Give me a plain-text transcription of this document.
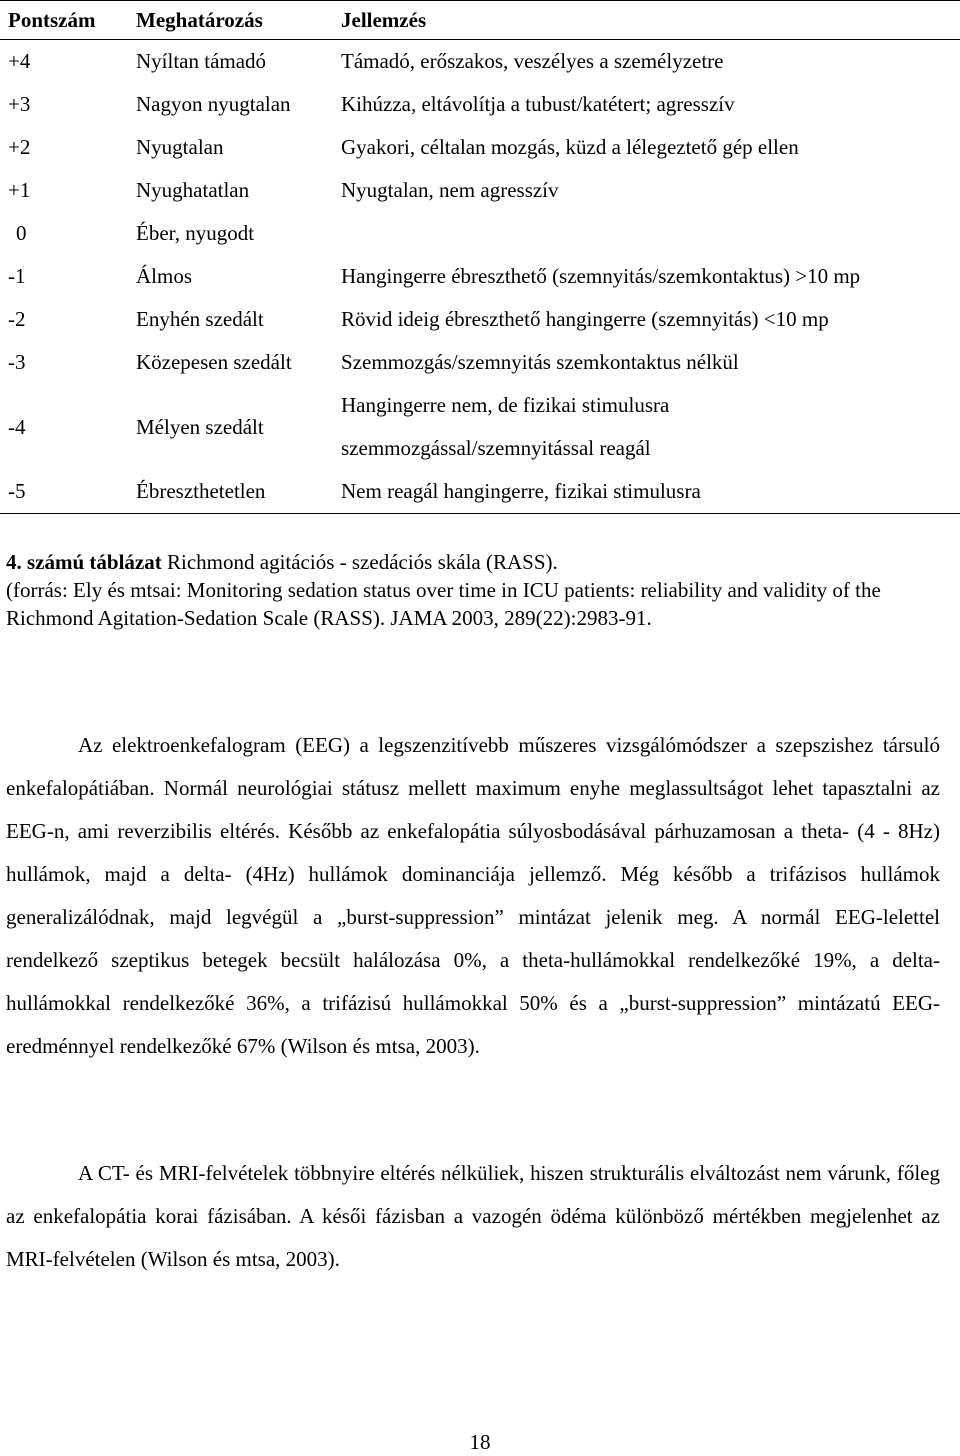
Pontszám	Meghatározás	Jellemzés
+4	Nyíltan támadó	Támadó, erőszakos, veszélyes a személyzetre
+3	Nagyon nyugtalan	Kihúzza, eltávolítja a tubust/katétert; agresszív
+2	Nyugtalan	Gyakori, céltalan mozgás, küzd a lélegeztető gép ellen
+1	Nyughatatlan	Nyugtalan, nem agresszív
0	Éber, nyugodt	
-1	Álmos	Hangingerre ébreszthető (szemnyitás/szemkontaktus) >10 mp
-2	Enyhén szedált	Rövid ideig ébreszthető hangingerre (szemnyitás) <10 mp
-3	Közepesen szedált	Szemmozgás/szemnyitás szemkontaktus nélkül
-4	Mélyen szedált	Hangingerre nem, de fizikai stimulusra
szemmozgással/szemnyitással reagál

-5	Ébreszthetetlen	Nem reagál hangingerre, fizikai stimulusra
4. számú táblázat Richmond agitációs - szedációs skála (RASS).
(forrás: Ely és mtsai: Monitoring sedation status over time in ICU patients: reliability and validity of the Richmond Agitation-Sedation Scale (RASS). JAMA 2003, 289(22):2983-91.

Az elektroenkefalogram (EEG) a legszenzitívebb műszeres vizsgálómódszer a szepszishez társuló enkefalopátiában. Normál neurológiai státusz mellett maximum enyhe meglassultságot lehet tapasztalni az EEG-n, ami reverzibilis eltérés. Később az enkefalopátia súlyosbodásával párhuzamosan a theta- (4 - 8Hz) hullámok, majd a delta- (4Hz) hullámok dominanciája jellemző. Még később a trifázisos hullámok generalizálódnak, majd legvégül a „burst-suppression” mintázat jelenik meg. A normál EEG-lelettel rendelkező szeptikus betegek becsült halálozása 0%, a theta-hullámokkal rendelkezőké 19%, a delta-hullámokkal rendelkezőké 36%, a trifázisú hullámokkal 50% és a „burst-suppression” mintázatú EEG-eredménnyel rendelkezőké 67% (Wilson és mtsa, 2003).

A CT- és MRI-felvételek többnyire eltérés nélküliek, hiszen strukturális elváltozást nem várunk, főleg az enkefalopátia korai fázisában. A késői fázisban a vazogén ödéma különböző mértékben megjelenhet az MRI-felvételen (Wilson és mtsa, 2003).

18
